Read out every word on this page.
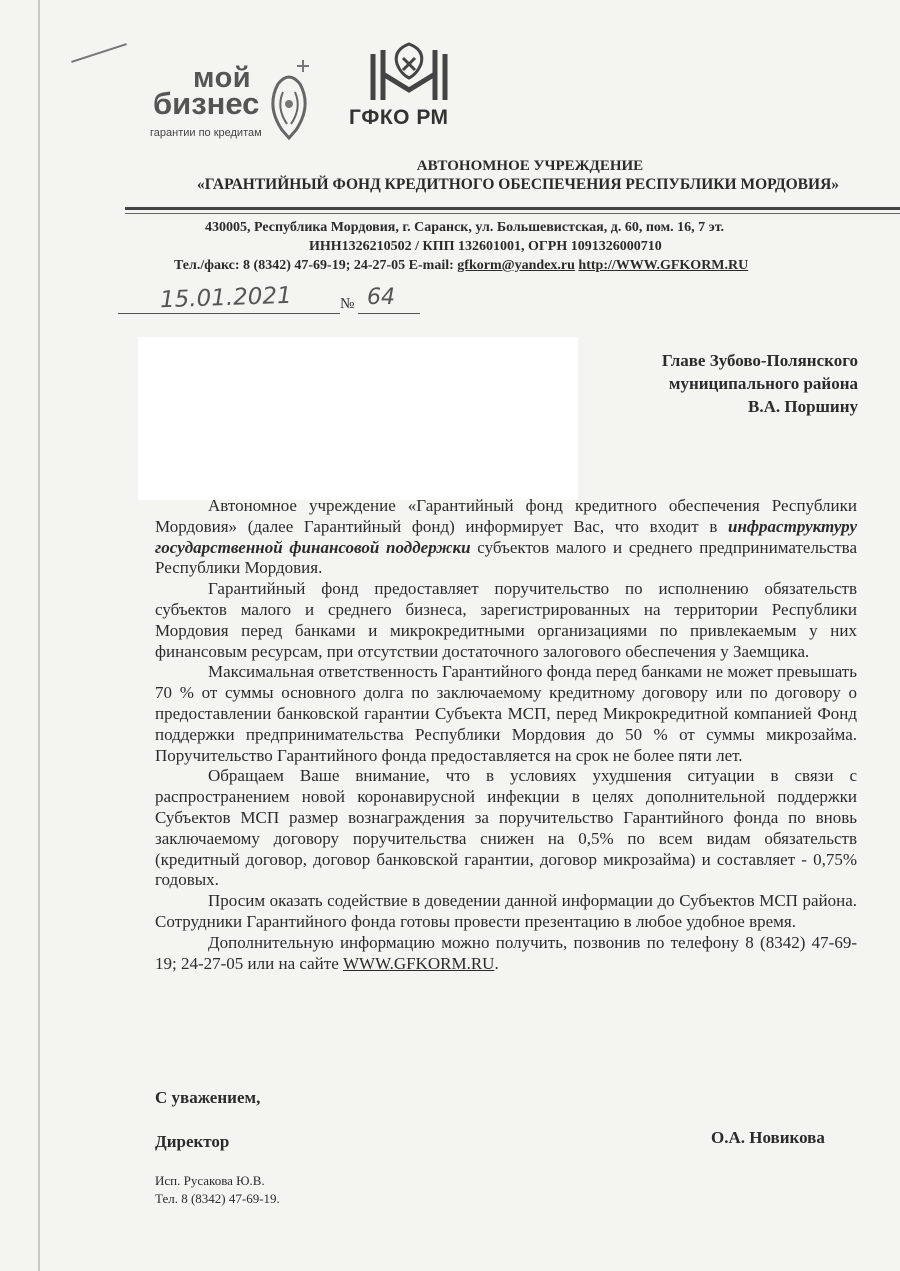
мой
бизнес
гарантии по кредитам
ГФКО РМ
АВТОНОМНОЕ УЧРЕЖДЕНИЕ
«ГАРАНТИЙНЫЙ ФОНД КРЕДИТНОГО ОБЕСПЕЧЕНИЯ РЕСПУБЛИКИ МОРДОВИЯ»
430005, Республика Мордовия, г. Саранск, ул. Большевистская, д. 60, пом. 16, 7 эт.
ИНН1326210502 / КПП 132601001, ОГРН 1091326000710
Тел./факс: 8 (8342) 47-69-19; 24-27-05 E-mail: gfkorm@yandex.ru http://WWW.GFKORM.RU
15.01.2021	№ 64
Главе Зубово-Полянского
муниципального района
В.А. Поршину

Автономное учреждение «Гарантийный фонд кредитного обеспечения Республики Мордовия» (далее Гарантийный фонд) информирует Вас, что входит в инфраструктуру государственной финансовой поддержки субъектов малого и среднего предпринимательства Республики Мордовия.

Гарантийный фонд предоставляет поручительство по исполнению обязательств субъектов малого и среднего бизнеса, зарегистрированных на территории Республики Мордовия перед банками и микрокредитными организациями по привлекаемым у них финансовым ресурсам, при отсутствии достаточного залогового обеспечения у Заемщика.

Максимальная ответственность Гарантийного фонда перед банками не может превышать 70 % от суммы основного долга по заключаемому кредитному договору или по договору о предоставлении банковской гарантии Субъекта МСП, перед Микрокредитной компанией Фонд поддержки предпринимательства Республики Мордовия до 50 % от суммы микрозайма. Поручительство Гарантийного фонда предоставляется на срок не более пяти лет.

Обращаем Ваше внимание, что в условиях ухудшения ситуации в связи с распространением новой коронавирусной инфекции в целях дополнительной поддержки Субъектов МСП размер вознаграждения за поручительство Гарантийного фонда по вновь заключаемому договору поручительства снижен на 0,5% по всем видам обязательств (кредитный договор, договор банковской гарантии, договор микрозайма) и составляет - 0,75% годовых.

Просим оказать содействие в доведении данной информации до Субъектов МСП района. Сотрудники Гарантийного фонда готовы провести презентацию в любое удобное время.

Дополнительную информацию можно получить, позвонив по телефону 8 (8342) 47-69-19; 24-27-05 или на сайте WWW.GFKORM.RU.

С уважением,
Директор	О.А. Новикова
Исп. Русакова Ю.В.
Тел. 8 (8342) 47-69-19.
